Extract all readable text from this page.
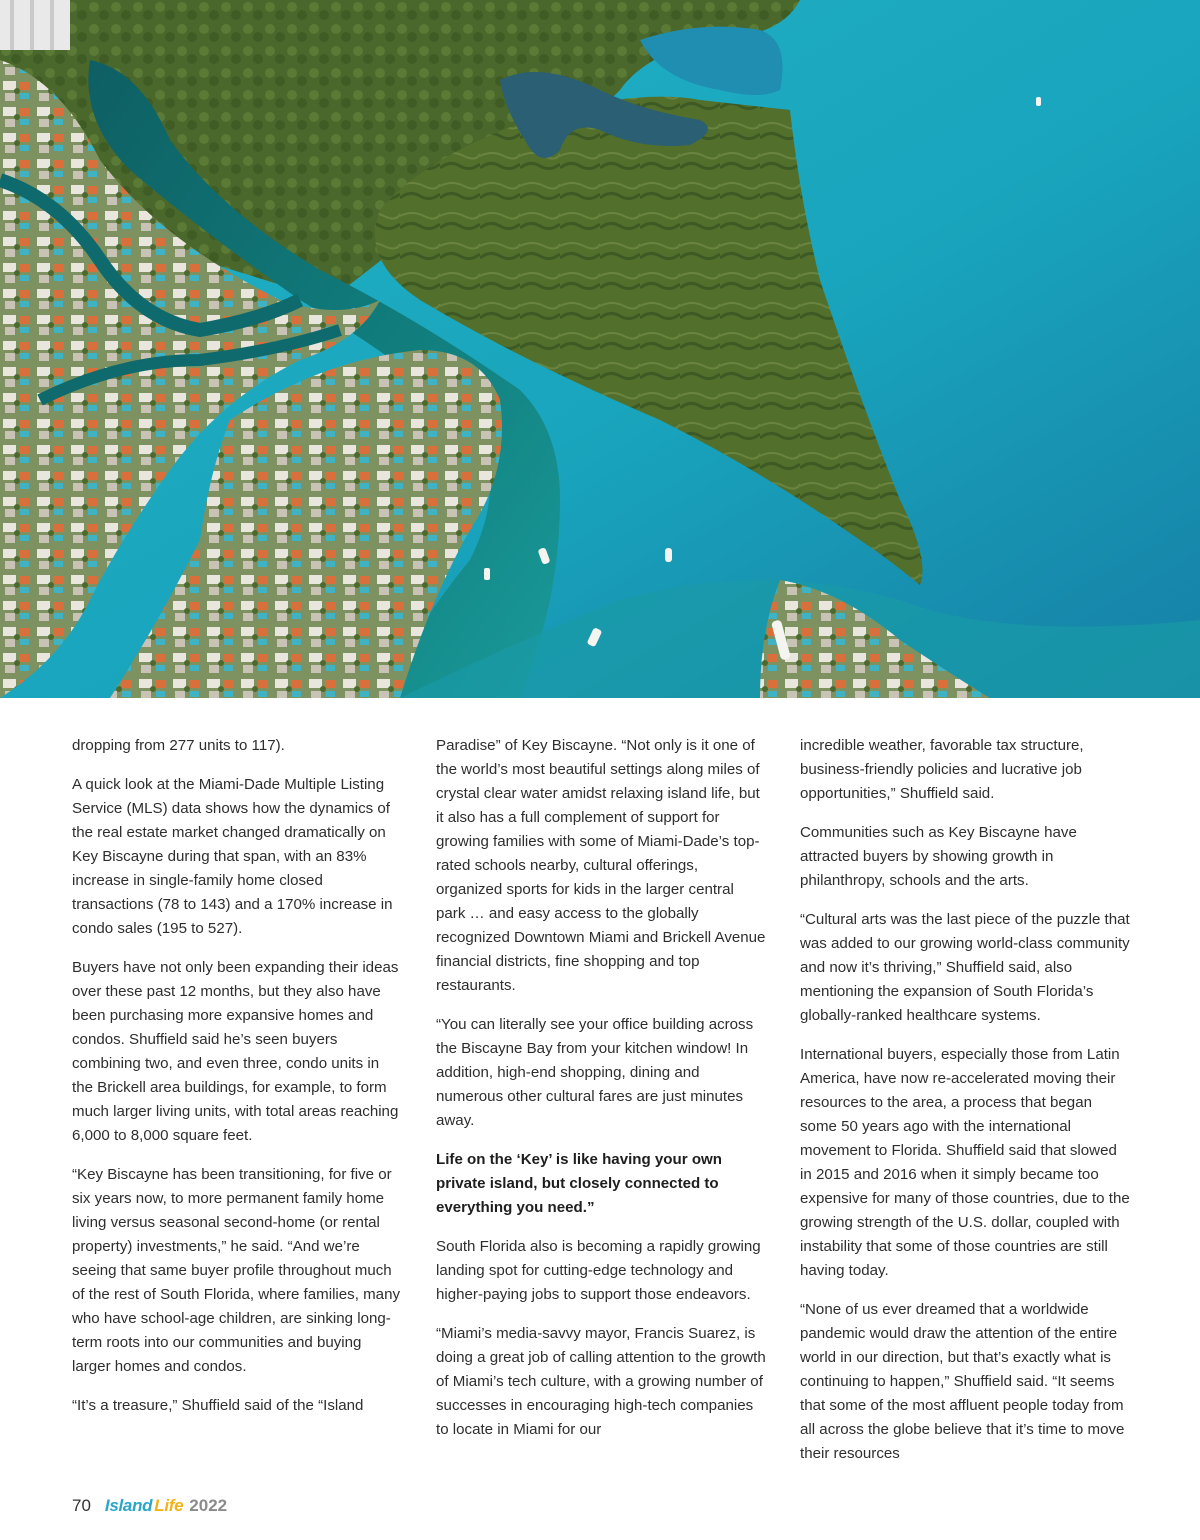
dropping from 277 units to 117).

A quick look at the Miami-Dade Multiple Listing Service (MLS) data shows how the dynamics of the real estate market changed dramatically on Key Biscayne during that span, with an 83% increase in single-family home closed transactions (78 to 143) and a 170% increase in condo sales (195 to 527).

Buyers have not only been expanding their ideas over these past 12 months, but they also have been purchasing more expansive homes and condos. Shuffield said he’s seen buyers combining two, and even three, condo units in the Brickell area buildings, for example, to form much larger living units, with total areas reaching 6,000 to 8,000 square feet.

“Key Biscayne has been transitioning, for five or six years now, to more permanent family home living versus seasonal second-home (or rental property) investments,” he said. “And we’re seeing that same buyer profile throughout much of the rest of South Florida, where families, many who have school-age children, are sinking long-term roots into our communities and buying larger homes and condos.

“It’s a treasure,” Shuffield said of the “Island

Paradise” of Key Biscayne. “Not only is it one of the world’s most beautiful settings along miles of crystal clear water amidst relaxing island life, but it also has a full complement of support for growing families with some of Miami-Dade’s top-rated schools nearby, cultural offerings, organized sports for kids in the larger central park … and easy access to the globally recognized Downtown Miami and Brickell Avenue financial districts, fine shopping and top restaurants.

“You can literally see your office building across the Biscayne Bay from your kitchen window! In addition, high-end shopping, dining and numerous other cultural fares are just minutes away.

Life on the ‘Key’ is like having your own private island, but closely connected to everything you need.”

South Florida also is becoming a rapidly growing landing spot for cutting-edge technology and higher-paying jobs to support those endeavors.

“Miami’s media-savvy mayor, Francis Suarez, is doing a great job of calling attention to the growth of Miami’s tech culture, with a growing number of successes in encouraging high-tech companies to locate in Miami for our

incredible weather, favorable tax structure, business-friendly policies and lucrative job opportunities,” Shuffield said.

Communities such as Key Biscayne have attracted buyers by showing growth in philanthropy, schools and the arts.

“Cultural arts was the last piece of the puzzle that was added to our growing world-class community and now it’s thriving,” Shuffield said, also mentioning the expansion of South Florida’s globally-ranked healthcare systems.

International buyers, especially those from Latin America, have now re-accelerated moving their resources to the area, a process that began some 50 years ago with the international movement to Florida. Shuffield said that slowed in 2015 and 2016 when it simply became too expensive for many of those countries, due to the growing strength of the U.S. dollar, coupled with instability that some of those countries are still having today.

“None of us ever dreamed that a worldwide pandemic would draw the attention of the entire world in our direction, but that’s exactly what is continuing to happen,” Shuffield said. “It seems that some of the most affluent people today from all across the globe believe that it’s time to move their resources

70 Island Life 2022
